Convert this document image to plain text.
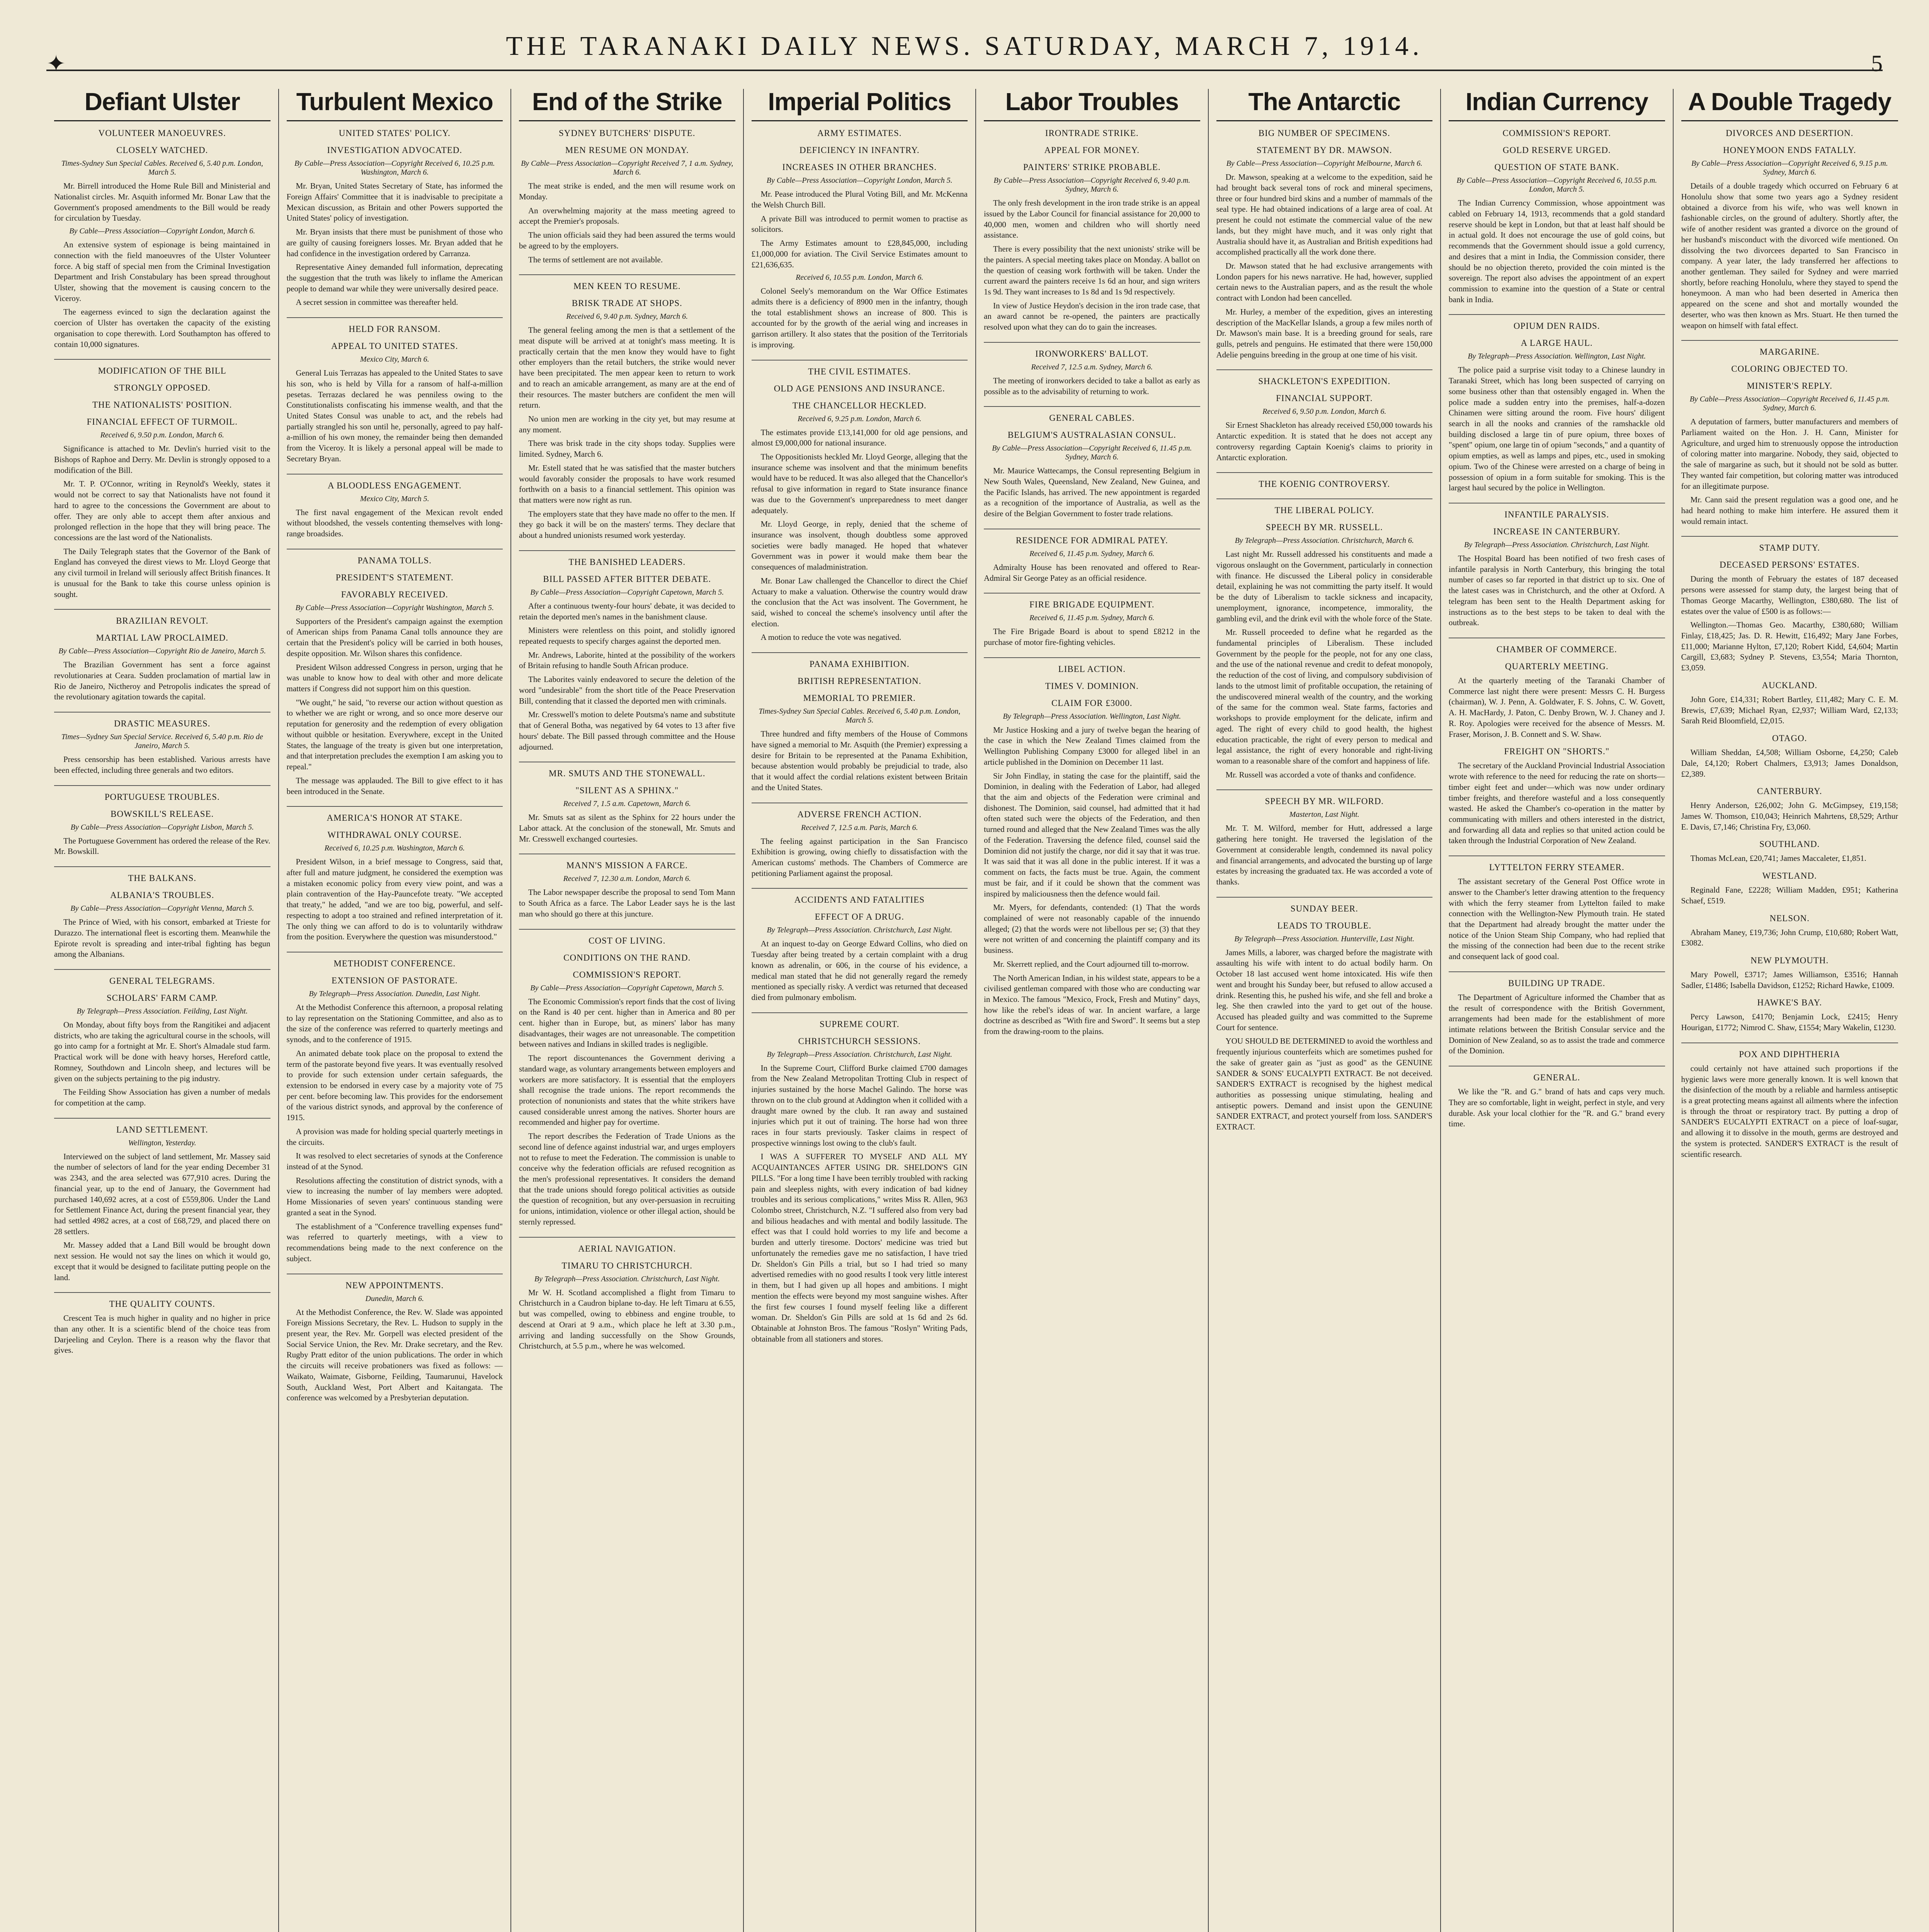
✦
THE TARANAKI DAILY NEWS. SATURDAY, MARCH 7, 1914.
5
Defiant Ulster
VOLUNTEER MANOEUVRES.
CLOSELY WATCHED.
Times-Sydney Sun Special Cables. Received 6, 5.40 p.m. London, March 5.
Mr. Birrell introduced the Home Rule Bill and Ministerial and Nationalist circles. Mr. Asquith informed Mr. Bonar Law that the Government's proposed amendments to the Bill would be ready for circulation by Tuesday.
By Cable—Press Association—Copyright London, March 6.
An extensive system of espionage is being maintained in connection with the field manoeuvres of the Ulster Volunteer force. A big staff of special men from the Criminal Investigation Department and Irish Constabulary has been spread throughout Ulster, showing that the movement is causing concern to the Viceroy.
The eagerness evinced to sign the declaration against the coercion of Ulster has overtaken the capacity of the existing organisation to cope therewith. Lord Southampton has offered to contain 10,000 signatures.
MODIFICATION OF THE BILL
STRONGLY OPPOSED.
THE NATIONALISTS' POSITION.
FINANCIAL EFFECT OF TURMOIL.
Received 6, 9.50 p.m. London, March 6.
Significance is attached to Mr. Devlin's hurried visit to the Bishops of Raphoe and Derry. Mr. Devlin is strongly opposed to a modification of the Bill.
Mr. T. P. O'Connor, writing in Reynold's Weekly, states it would not be correct to say that Nationalists have not found it hard to agree to the concessions the Government are about to offer. They are only able to accept them after anxious and prolonged reflection in the hope that they will bring peace. The concessions are the last word of the Nationalists.
The Daily Telegraph states that the Governor of the Bank of England has conveyed the direst views to Mr. Lloyd George that any civil turmoil in Ireland will seriously affect British finances. It is unusual for the Bank to take this course unless opinion is sought.
BRAZILIAN REVOLT.
MARTIAL LAW PROCLAIMED.
By Cable—Press Association—Copyright Rio de Janeiro, March 5.
The Brazilian Government has sent a force against revolutionaries at Ceara. Sudden proclamation of martial law in Rio de Janeiro, Nictheroy and Petropolis indicates the spread of the revolutionary agitation towards the capital.
DRASTIC MEASURES.
Times—Sydney Sun Special Service. Received 6, 5.40 p.m. Rio de Janeiro, March 5.
Press censorship has been established. Various arrests have been effected, including three generals and two editors.
PORTUGUESE TROUBLES.
BOWSKILL'S RELEASE.
By Cable—Press Association—Copyright Lisbon, March 5.
The Portuguese Government has ordered the release of the Rev. Mr. Bowskill.
THE BALKANS.
ALBANIA'S TROUBLES.
By Cable—Press Association—Copyright Vienna, March 5.
The Prince of Wied, with his consort, embarked at Trieste for Durazzo. The international fleet is escorting them. Meanwhile the Epirote revolt is spreading and inter-tribal fighting has begun among the Albanians.
GENERAL TELEGRAMS.
SCHOLARS' FARM CAMP.
By Telegraph—Press Association. Feilding, Last Night.
On Monday, about fifty boys from the Rangitikei and adjacent districts, who are taking the agricultural course in the schools, will go into camp for a fortnight at Mr. E. Short's Almadale stud farm. Practical work will be done with heavy horses, Hereford cattle, Romney, Southdown and Lincoln sheep, and lectures will be given on the subjects pertaining to the pig industry.
The Feilding Show Association has given a number of medals for competition at the camp.
LAND SETTLEMENT.
Wellington, Yesterday.
Interviewed on the subject of land settlement, Mr. Massey said the number of selectors of land for the year ending December 31 was 2343, and the area selected was 677,910 acres. During the financial year, up to the end of January, the Government had purchased 140,692 acres, at a cost of £559,806. Under the Land for Settlement Finance Act, during the present financial year, they had settled 4982 acres, at a cost of £68,729, and placed there on 28 settlers.
Mr. Massey added that a Land Bill would be brought down next session. He would not say the lines on which it would go, except that it would be designed to facilitate putting people on the land.
THE QUALITY COUNTS.
Crescent Tea is much higher in quality and no higher in price than any other. It is a scientific blend of the choice teas from Darjeeling and Ceylon. There is a reason why the flavor that gives.
Turbulent Mexico
UNITED STATES' POLICY.
INVESTIGATION ADVOCATED.
By Cable—Press Association—Copyright Received 6, 10.25 p.m. Washington, March 6.
Mr. Bryan, United States Secretary of State, has informed the Foreign Affairs' Committee that it is inadvisable to precipitate a Mexican discussion, as Britain and other Powers supported the United States' policy of investigation.
Mr. Bryan insists that there must be punishment of those who are guilty of causing foreigners losses. Mr. Bryan added that he had confidence in the investigation ordered by Carranza.
Representative Ainey demanded full information, deprecating the suggestion that the truth was likely to inflame the American people to demand war while they were universally desired peace.
A secret session in committee was thereafter held.
HELD FOR RANSOM.
APPEAL TO UNITED STATES.
Mexico City, March 6.
General Luis Terrazas has appealed to the United States to save his son, who is held by Villa for a ransom of half-a-million pesetas. Terrazas declared he was penniless owing to the Constitutionalists confiscating his immense wealth, and that the United States Consul was unable to act, and the rebels had partially strangled his son until he, personally, agreed to pay half-a-million of his own money, the remainder being then demanded from the Viceroy. It is likely a personal appeal will be made to Secretary Bryan.
A BLOODLESS ENGAGEMENT.
Mexico City, March 5.
The first naval engagement of the Mexican revolt ended without bloodshed, the vessels contenting themselves with long-range broadsides.
PANAMA TOLLS.
PRESIDENT'S STATEMENT.
FAVORABLY RECEIVED.
By Cable—Press Association—Copyright Washington, March 5.
Supporters of the President's campaign against the exemption of American ships from Panama Canal tolls announce they are certain that the President's policy will be carried in both houses, despite opposition. Mr. Wilson shares this confidence.
President Wilson addressed Congress in person, urging that he was unable to know how to deal with other and more delicate matters if Congress did not support him on this question.
"We ought," he said, "to reverse our action without question as to whether we are right or wrong, and so once more deserve our reputation for generosity and the redemption of every obligation without quibble or hesitation. Everywhere, except in the United States, the language of the treaty is given but one interpretation, and that interpretation precludes the exemption I am asking you to repeal."
The message was applauded. The Bill to give effect to it has been introduced in the Senate.
AMERICA'S HONOR AT STAKE.
WITHDRAWAL ONLY COURSE.
Received 6, 10.25 p.m. Washington, March 6.
President Wilson, in a brief message to Congress, said that, after full and mature judgment, he considered the exemption was a mistaken economic policy from every view point, and was a plain contravention of the Hay-Pauncefote treaty. "We accepted that treaty," he added, "and we are too big, powerful, and self-respecting to adopt a too strained and refined interpretation of it. The only thing we can afford to do is to voluntarily withdraw from the position. Everywhere the question was misunderstood."
METHODIST CONFERENCE.
EXTENSION OF PASTORATE.
By Telegraph—Press Association. Dunedin, Last Night.
At the Methodist Conference this afternoon, a proposal relating to lay representation on the Stationing Committee, and also as to the size of the conference was referred to quarterly meetings and synods, and to the conference of 1915.
An animated debate took place on the proposal to extend the term of the pastorate beyond five years. It was eventually resolved to provide for such extension under certain safeguards, the extension to be endorsed in every case by a majority vote of 75 per cent. before becoming law. This provides for the endorsement of the various district synods, and approval by the conference of 1915.
A provision was made for holding special quarterly meetings in the circuits.
It was resolved to elect secretaries of synods at the Conference instead of at the Synod.
Resolutions affecting the constitution of district synods, with a view to increasing the number of lay members were adopted. Home Missionaries of seven years' continuous standing were granted a seat in the Synod.
The establishment of a "Conference travelling expenses fund" was referred to quarterly meetings, with a view to recommendations being made to the next conference on the subject.
NEW APPOINTMENTS.
Dunedin, March 6.
At the Methodist Conference, the Rev. W. Slade was appointed Foreign Missions Secretary, the Rev. L. Hudson to supply in the present year, the Rev. Mr. Gorpell was elected president of the Social Service Union, the Rev. Mr. Drake secretary, and the Rev. Rugby Pratt editor of the union publications. The order in which the circuits will receive probationers was fixed as follows: —Waikato, Waimate, Gisborne, Feilding, Taumarunui, Havelock South, Auckland West, Port Albert and Kaitangata. The conference was welcomed by a Presbyterian deputation.
End of the Strike
SYDNEY BUTCHERS' DISPUTE.
MEN RESUME ON MONDAY.
By Cable—Press Association—Copyright Received 7, 1 a.m. Sydney, March 6.
The meat strike is ended, and the men will resume work on Monday.
An overwhelming majority at the mass meeting agreed to accept the Premier's proposals.
The union officials said they had been assured the terms would be agreed to by the employers.
The terms of settlement are not available.
MEN KEEN TO RESUME.
BRISK TRADE AT SHOPS.
Received 6, 9.40 p.m. Sydney, March 6.
The general feeling among the men is that a settlement of the meat dispute will be arrived at at tonight's mass meeting. It is practically certain that the men know they would have to fight other employers than the retail butchers, the strike would never have been precipitated. The men appear keen to return to work and to reach an amicable arrangement, as many are at the end of their resources. The master butchers are confident the men will return.
No union men are working in the city yet, but may resume at any moment.
There was brisk trade in the city shops today. Supplies were limited. Sydney, March 6.
Mr. Estell stated that he was satisfied that the master butchers would favorably consider the proposals to have work resumed forthwith on a basis to a financial settlement. This opinion was that matters were now right as run.
The employers state that they have made no offer to the men. If they go back it will be on the masters' terms. They declare that about a hundred unionists resumed work yesterday.
THE BANISHED LEADERS.
BILL PASSED AFTER BITTER DEBATE.
By Cable—Press Association—Copyright Capetown, March 5.
After a continuous twenty-four hours' debate, it was decided to retain the deported men's names in the banishment clause.
Ministers were relentless on this point, and stolidly ignored repeated requests to specify charges against the deported men.
Mr. Andrews, Laborite, hinted at the possibility of the workers of Britain refusing to handle South African produce.
The Laborites vainly endeavored to secure the deletion of the word "undesirable" from the short title of the Peace Preservation Bill, contending that it classed the deported men with criminals.
Mr. Cresswell's motion to delete Poutsma's name and substitute that of General Botha, was negatived by 64 votes to 13 after five hours' debate. The Bill passed through committee and the House adjourned.
MR. SMUTS AND THE STONEWALL.
"SILENT AS A SPHINX."
Received 7, 1.5 a.m. Capetown, March 6.
Mr. Smuts sat as silent as the Sphinx for 22 hours under the Labor attack. At the conclusion of the stonewall, Mr. Smuts and Mr. Cresswell exchanged courtesies.
MANN'S MISSION A FARCE.
Received 7, 12.30 a.m. London, March 6.
The Labor newspaper describe the proposal to send Tom Mann to South Africa as a farce. The Labor Leader says he is the last man who should go there at this juncture.
COST OF LIVING.
CONDITIONS ON THE RAND.
COMMISSION'S REPORT.
By Cable—Press Association—Copyright Capetown, March 5.
The Economic Commission's report finds that the cost of living on the Rand is 40 per cent. higher than in America and 80 per cent. higher than in Europe, but, as miners' labor has many disadvantages, their wages are not unreasonable. The competition between natives and Indians in skilled trades is negligible.
The report discountenances the Government deriving a standard wage, as voluntary arrangements between employers and workers are more satisfactory. It is essential that the employers shall recognise the trade unions. The report recommends the protection of nonunionists and states that the white strikers have caused considerable unrest among the natives. Shorter hours are recommended and higher pay for overtime.
The report describes the Federation of Trade Unions as the second line of defence against industrial war, and urges employers not to refuse to meet the Federation. The commission is unable to conceive why the federation officials are refused recognition as the men's professional representatives. It considers the demand that the trade unions should forego political activities as outside the question of recognition, but any over-persuasion in recruiting for unions, intimidation, violence or other illegal action, should be sternly repressed.
AERIAL NAVIGATION.
TIMARU TO CHRISTCHURCH.
By Telegraph—Press Association. Christchurch, Last Night.
Mr W. H. Scotland accomplished a flight from Timaru to Christchurch in a Caudron biplane to-day. He left Timaru at 6.55, but was compelled, owing to ebbiness and engine trouble, to descend at Orari at 9 a.m., which place he left at 3.30 p.m., arriving and landing successfully on the Show Grounds, Christchurch, at 5.5 p.m., where he was welcomed.
Imperial Politics
ARMY ESTIMATES.
DEFICIENCY IN INFANTRY.
INCREASES IN OTHER BRANCHES.
By Cable—Press Association—Copyright London, March 5.
Mr. Pease introduced the Plural Voting Bill, and Mr. McKenna the Welsh Church Bill.
A private Bill was introduced to permit women to practise as solicitors.
The Army Estimates amount to £28,845,000, including £1,000,000 for aviation. The Civil Service Estimates amount to £21,636,635.
Received 6, 10.55 p.m. London, March 6.
Colonel Seely's memorandum on the War Office Estimates admits there is a deficiency of 8900 men in the infantry, though the total establishment shows an increase of 800. This is accounted for by the growth of the aerial wing and increases in garrison artillery. It also states that the position of the Territorials is improving.
THE CIVIL ESTIMATES.
OLD AGE PENSIONS AND INSURANCE.
THE CHANCELLOR HECKLED.
Received 6, 9.25 p.m. London, March 6.
The estimates provide £13,141,000 for old age pensions, and almost £9,000,000 for national insurance.
The Oppositionists heckled Mr. Lloyd George, alleging that the insurance scheme was insolvent and that the minimum benefits would have to be reduced. It was also alleged that the Chancellor's refusal to give information in regard to State insurance finance was due to the Government's unpreparedness to meet danger adequately.
Mr. Lloyd George, in reply, denied that the scheme of insurance was insolvent, though doubtless some approved societies were badly managed. He hoped that whatever Government was in power it would make them bear the consequences of maladministration.
Mr. Bonar Law challenged the Chancellor to direct the Chief Actuary to make a valuation. Otherwise the country would draw the conclusion that the Act was insolvent. The Government, he said, wished to conceal the scheme's insolvency until after the election.
A motion to reduce the vote was negatived.
PANAMA EXHIBITION.
BRITISH REPRESENTATION.
MEMORIAL TO PREMIER.
Times-Sydney Sun Special Cables. Received 6, 5.40 p.m. London, March 5.
Three hundred and fifty members of the House of Commons have signed a memorial to Mr. Asquith (the Premier) expressing a desire for Britain to be represented at the Panama Exhibition, because abstention would probably be prejudicial to trade, also that it would affect the cordial relations existent between Britain and the United States.
ADVERSE FRENCH ACTION.
Received 7, 12.5 a.m. Paris, March 6.
The feeling against participation in the San Francisco Exhibition is growing, owing chiefly to dissatisfaction with the American customs' methods. The Chambers of Commerce are petitioning Parliament against the proposal.
ACCIDENTS AND FATALITIES
EFFECT OF A DRUG.
By Telegraph—Press Association. Christchurch, Last Night.
At an inquest to-day on George Edward Collins, who died on Tuesday after being treated by a certain complaint with a drug known as adrenalin, or 606, in the course of his evidence, a medical man stated that he did not generally regard the remedy mentioned as specially risky. A verdict was returned that deceased died from pulmonary embolism.
SUPREME COURT.
CHRISTCHURCH SESSIONS.
By Telegraph—Press Association. Christchurch, Last Night.
In the Supreme Court, Clifford Burke claimed £700 damages from the New Zealand Metropolitan Trotting Club in respect of injuries sustained by the horse Machel Galindo. The horse was thrown on to the club ground at Addington when it collided with a draught mare owned by the club. It ran away and sustained injuries which put it out of training. The horse had won three races in four starts previously. Tasker claims in respect of prospective winnings lost owing to the club's fault.
I WAS A SUFFERER TO MYSELF AND ALL MY ACQUAINTANCES AFTER USING DR. SHELDON'S GIN PILLS. "For a long time I have been terribly troubled with racking pain and sleepless nights, with every indication of bad kidney troubles and its serious complications," writes Miss R. Allen, 963 Colombo street, Christchurch, N.Z. "I suffered also from very bad and bilious headaches and with mental and bodily lassitude. The effect was that I could hold worries to my life and become a burden and utterly tiresome. Doctors' medicine was tried but unfortunately the remedies gave me no satisfaction, I have tried Dr. Sheldon's Gin Pills a trial, but so I had tried so many advertised remedies with no good results I took very little interest in them, but I had given up all hopes and ambitions. I might mention the effects were beyond my most sanguine wishes. After the first few courses I found myself feeling like a different woman. Dr. Sheldon's Gin Pills are sold at 1s 6d and 2s 6d. Obtainable at Johnston Bros. The famous "Roslyn" Writing Pads, obtainable from all stationers and stores.
Labor Troubles
IRONTRADE STRIKE.
APPEAL FOR MONEY.
PAINTERS' STRIKE PROBABLE.
By Cable—Press Association—Copyright Received 6, 9.40 p.m. Sydney, March 6.
The only fresh development in the iron trade strike is an appeal issued by the Labor Council for financial assistance for 20,000 to 40,000 men, women and children who will shortly need assistance.
There is every possibility that the next unionists' strike will be the painters. A special meeting takes place on Monday. A ballot on the question of ceasing work forthwith will be taken. Under the current award the painters receive 1s 6d an hour, and sign writers 1s 9d. They want increases to 1s 8d and 1s 9d respectively.
In view of Justice Heydon's decision in the iron trade case, that an award cannot be re-opened, the painters are practically resolved upon what they can do to gain the increases.
IRONWORKERS' BALLOT.
Received 7, 12.5 a.m. Sydney, March 6.
The meeting of ironworkers decided to take a ballot as early as possible as to the advisability of returning to work.
GENERAL CABLES.
BELGIUM'S AUSTRALASIAN CONSUL.
By Cable—Press Association—Copyright Received 6, 11.45 p.m. Sydney, March 6.
Mr. Maurice Wattecamps, the Consul representing Belgium in New South Wales, Queensland, New Zealand, New Guinea, and the Pacific Islands, has arrived. The new appointment is regarded as a recognition of the importance of Australia, as well as the desire of the Belgian Government to foster trade relations.
RESIDENCE FOR ADMIRAL PATEY.
Received 6, 11.45 p.m. Sydney, March 6.
Admiralty House has been renovated and offered to Rear-Admiral Sir George Patey as an official residence.
FIRE BRIGADE EQUIPMENT.
Received 6, 11.45 p.m. Sydney, March 6.
The Fire Brigade Board is about to spend £8212 in the purchase of motor fire-fighting vehicles.
LIBEL ACTION.
TIMES V. DOMINION.
CLAIM FOR £3000.
By Telegraph—Press Association. Wellington, Last Night.
Mr Justice Hosking and a jury of twelve began the hearing of the case in which the New Zealand Times claimed from the Wellington Publishing Company £3000 for alleged libel in an article published in the Dominion on December 11 last.
Sir John Findlay, in stating the case for the plaintiff, said the Dominion, in dealing with the Federation of Labor, had alleged that the aim and objects of the Federation were criminal and dishonest. The Dominion, said counsel, had admitted that it had often stated such were the objects of the Federation, and then turned round and alleged that the New Zealand Times was the ally of the Federation. Traversing the defence filed, counsel said the Dominion did not justify the charge, nor did it say that it was true. It was said that it was all done in the public interest. If it was a comment on facts, the facts must be true. Again, the comment must be fair, and if it could be shown that the comment was inspired by maliciousness then the defence would fail.
Mr. Myers, for defendants, contended: (1) That the words complained of were not reasonably capable of the innuendo alleged; (2) that the words were not libellous per se; (3) that they were not written of and concerning the plaintiff company and its business.
Mr. Skerrett replied, and the Court adjourned till to-morrow.
The North American Indian, in his wildest state, appears to be a civilised gentleman compared with those who are conducting war in Mexico. The famous "Mexico, Frock, Fresh and Mutiny" days, how like the rebel's ideas of war. In ancient warfare, a large doctrine as described as "With fire and Sword". It seems but a step from the drawing-room to the plains.
The Antarctic
BIG NUMBER OF SPECIMENS.
STATEMENT BY DR. MAWSON.
By Cable—Press Association—Copyright Melbourne, March 6.
Dr. Mawson, speaking at a welcome to the expedition, said he had brought back several tons of rock and mineral specimens, three or four hundred bird skins and a number of mammals of the seal type. He had obtained indications of a large area of coal. At present he could not estimate the commercial value of the new lands, but they might have much, and it was only right that Australia should have it, as Australian and British expeditions had accomplished practically all the work done there.
Dr. Mawson stated that he had exclusive arrangements with London papers for his news narrative. He had, however, supplied certain news to the Australian papers, and as the result the whole contract with London had been cancelled.
Mr. Hurley, a member of the expedition, gives an interesting description of the MacKellar Islands, a group a few miles north of Dr. Mawson's main base. It is a breeding ground for seals, rare gulls, petrels and penguins. He estimated that there were 150,000 Adelie penguins breeding in the group at one time of his visit.
SHACKLETON'S EXPEDITION.
FINANCIAL SUPPORT.
Received 6, 9.50 p.m. London, March 6.
Sir Ernest Shackleton has already received £50,000 towards his Antarctic expedition. It is stated that he does not accept any controversy regarding Captain Koenig's claims to priority in Antarctic exploration.
THE KOENIG CONTROVERSY.
THE LIBERAL POLICY.
SPEECH BY MR. RUSSELL.
By Telegraph—Press Association. Christchurch, March 6.
Last night Mr. Russell addressed his constituents and made a vigorous onslaught on the Government, particularly in connection with finance. He discussed the Liberal policy in considerable detail, explaining he was not committing the party itself. It would be the duty of Liberalism to tackle sickness and incapacity, unemployment, ignorance, incompetence, immorality, the gambling evil, and the drink evil with the whole force of the State.
Mr. Russell proceeded to define what he regarded as the fundamental principles of Liberalism. These included Government by the people for the people, not for any one class, and the use of the national revenue and credit to defeat monopoly, the reduction of the cost of living, and compulsory subdivision of lands to the utmost limit of profitable occupation, the retaining of the undiscovered mineral wealth of the country, and the working of the same for the common weal. State farms, factories and workshops to provide employment for the delicate, infirm and aged. The right of every child to good health, the highest education practicable, the right of every person to medical and legal assistance, the right of every honorable and right-living woman to a reasonable share of the comfort and happiness of life.
Mr. Russell was accorded a vote of thanks and confidence.
SPEECH BY MR. WILFORD.
Masterton, Last Night.
Mr. T. M. Wilford, member for Hutt, addressed a large gathering here tonight. He traversed the legislation of the Government at considerable length, condemned its naval policy and financial arrangements, and advocated the bursting up of large estates by increasing the graduated tax. He was accorded a vote of thanks.
SUNDAY BEER.
LEADS TO TROUBLE.
By Telegraph—Press Association. Hunterville, Last Night.
James Mills, a laborer, was charged before the magistrate with assaulting his wife with intent to do actual bodily harm. On October 18 last accused went home intoxicated. His wife then went and brought his Sunday beer, but refused to allow accused a drink. Resenting this, he pushed his wife, and she fell and broke a leg. She then crawled into the yard to get out of the house. Accused has pleaded guilty and was committed to the Supreme Court for sentence.
YOU SHOULD BE DETERMINED to avoid the worthless and frequently injurious counterfeits which are sometimes pushed for the sake of greater gain as "just as good" as the GENUINE SANDER & SONS' EUCALYPTI EXTRACT. Be not deceived. SANDER'S EXTRACT is recognised by the highest medical authorities as possessing unique stimulating, healing and antiseptic powers. Demand and insist upon the GENUINE SANDER EXTRACT, and protect yourself from loss. SANDER'S EXTRACT.
Indian Currency
COMMISSION'S REPORT.
GOLD RESERVE URGED.
QUESTION OF STATE BANK.
By Cable—Press Association—Copyright Received 6, 10.55 p.m. London, March 5.
The Indian Currency Commission, whose appointment was cabled on February 14, 1913, recommends that a gold standard reserve should be kept in London, but that at least half should be in actual gold. It does not encourage the use of gold coins, but recommends that the Government should issue a gold currency, and desires that a mint in India, the Commission consider, there should be no objection thereto, provided the coin minted is the sovereign. The report also advises the appointment of an expert commission to examine into the question of a State or central bank in India.
OPIUM DEN RAIDS.
A LARGE HAUL.
By Telegraph—Press Association. Wellington, Last Night.
The police paid a surprise visit today to a Chinese laundry in Taranaki Street, which has long been suspected of carrying on some business other than that ostensibly engaged in. When the police made a sudden entry into the premises, half-a-dozen Chinamen were sitting around the room. Five hours' diligent search in all the nooks and crannies of the ramshackle old building disclosed a large tin of pure opium, three boxes of "spent" opium, one large tin of opium "seconds," and a quantity of opium empties, as well as lamps and pipes, etc., used in smoking opium. Two of the Chinese were arrested on a charge of being in possession of opium in a form suitable for smoking. This is the largest haul secured by the police in Wellington.
INFANTILE PARALYSIS.
INCREASE IN CANTERBURY.
By Telegraph—Press Association. Christchurch, Last Night.
The Hospital Board has been notified of two fresh cases of infantile paralysis in North Canterbury, this bringing the total number of cases so far reported in that district up to six. One of the latest cases was in Christchurch, and the other at Oxford. A telegram has been sent to the Health Department asking for instructions as to the best steps to be taken to deal with the outbreak.
CHAMBER OF COMMERCE.
QUARTERLY MEETING.
At the quarterly meeting of the Taranaki Chamber of Commerce last night there were present: Messrs C. H. Burgess (chairman), W. J. Penn, A. Goldwater, F. S. Johns, C. W. Govett, A. H. MacHardy, J. Paton, C. Denby Brown, W. J. Chaney and J. R. Roy. Apologies were received for the absence of Messrs. M. Fraser, Morison, J. B. Connett and S. W. Shaw.
FREIGHT ON "SHORTS."
The secretary of the Auckland Provincial Industrial Association wrote with reference to the need for reducing the rate on shorts—timber eight feet and under—which was now under ordinary timber freights, and therefore wasteful and a loss consequently wasted. He asked the Chamber's co-operation in the matter by communicating with millers and others interested in the district, and forwarding all data and replies so that united action could be taken through the Industrial Corporation of New Zealand.
LYTTELTON FERRY STEAMER.
The assistant secretary of the General Post Office wrote in answer to the Chamber's letter drawing attention to the frequency with which the ferry steamer from Lyttelton failed to make connection with the Wellington-New Plymouth train. He stated that the Department had already brought the matter under the notice of the Union Steam Ship Company, who had replied that the missing of the connection had been due to the recent strike and consequent lack of good coal.
BUILDING UP TRADE.
The Department of Agriculture informed the Chamber that as the result of correspondence with the British Government, arrangements had been made for the establishment of more intimate relations between the British Consular service and the Dominion of New Zealand, so as to assist the trade and commerce of the Dominion.
GENERAL.
We like the "R. and G." brand of hats and caps very much. They are so comfortable, light in weight, perfect in style, and very durable. Ask your local clothier for the "R. and G." brand every time.
A Double Tragedy
DIVORCES AND DESERTION.
HONEYMOON ENDS FATALLY.
By Cable—Press Association—Copyright Received 6, 9.15 p.m. Sydney, March 6.
Details of a double tragedy which occurred on February 6 at Honolulu show that some two years ago a Sydney resident obtained a divorce from his wife, who was well known in fashionable circles, on the ground of adultery. Shortly after, the wife of another resident was granted a divorce on the ground of her husband's misconduct with the divorced wife mentioned. On dissolving the two divorcees departed to San Francisco in company. A year later, the lady transferred her affections to another gentleman. They sailed for Sydney and were married shortly, before reaching Honolulu, where they stayed to spend the honeymoon. A man who had been deserted in America then appeared on the scene and shot and mortally wounded the deserter, who was then known as Mrs. Stuart. He then turned the weapon on himself with fatal effect.
MARGARINE.
COLORING OBJECTED TO.
MINISTER'S REPLY.
By Cable—Press Association—Copyright Received 6, 11.45 p.m. Sydney, March 6.
A deputation of farmers, butter manufacturers and members of Parliament waited on the Hon. J. H. Cann, Minister for Agriculture, and urged him to strenuously oppose the introduction of coloring matter into margarine. Nobody, they said, objected to the sale of margarine as such, but it should not be sold as butter. They wanted fair competition, but coloring matter was introduced for an illegitimate purpose.
Mr. Cann said the present regulation was a good one, and he had heard nothing to make him interfere. He assured them it would remain intact.
STAMP DUTY.
DECEASED PERSONS' ESTATES.
During the month of February the estates of 187 deceased persons were assessed for stamp duty, the largest being that of Thomas George Macarthy, Wellington, £380,680. The list of estates over the value of £500 is as follows:—
Wellington.—Thomas Geo. Macarthy, £380,680; William Finlay, £18,425; Jas. D. R. Hewitt, £16,492; Mary Jane Forbes, £11,000; Marianne Hylton, £7,120; Robert Kidd, £4,604; Martin Cargill, £3,683; Sydney P. Stevens, £3,554; Maria Thornton, £3,059.
AUCKLAND.
John Gore, £14,331; Robert Bartley, £11,482; Mary C. E. M. Brewis, £7,639; Michael Ryan, £2,937; William Ward, £2,133; Sarah Reid Bloomfield, £2,015.
OTAGO.
William Sheddan, £4,508; William Osborne, £4,250; Caleb Dale, £4,120; Robert Chalmers, £3,913; James Donaldson, £2,389.
CANTERBURY.
Henry Anderson, £26,002; John G. McGimpsey, £19,158; James W. Thomson, £10,043; Heinrich Mahrtens, £8,529; Arthur E. Davis, £7,146; Christina Fry, £3,060.
SOUTHLAND.
Thomas McLean, £20,741; James Maccaleter, £1,851.
WESTLAND.
Reginald Fane, £2228; William Madden, £951; Katherina Schaef, £519.
NELSON.
Abraham Maney, £19,736; John Crump, £10,680; Robert Watt, £3082.
NEW PLYMOUTH.
Mary Powell, £3717; James Williamson, £3516; Hannah Sadler, £1486; Isabella Davidson, £1252; Richard Hawke, £1009.
HAWKE'S BAY.
Percy Lawson, £4170; Benjamin Lock, £2415; Henry Hourigan, £1772; Nimrod C. Shaw, £1554; Mary Wakelin, £1230.
POX AND DIPHTHERIA
could certainly not have attained such proportions if the hygienic laws were more generally known. It is well known that the disinfection of the mouth by a reliable and harmless antiseptic is a great protecting means against all ailments where the infection is through the throat or respiratory tract. By putting a drop of SANDER'S EUCALYPTI EXTRACT on a piece of loaf-sugar, and allowing it to dissolve in the mouth, germs are destroyed and the system is protected. SANDER'S EXTRACT is the result of scientific research.
